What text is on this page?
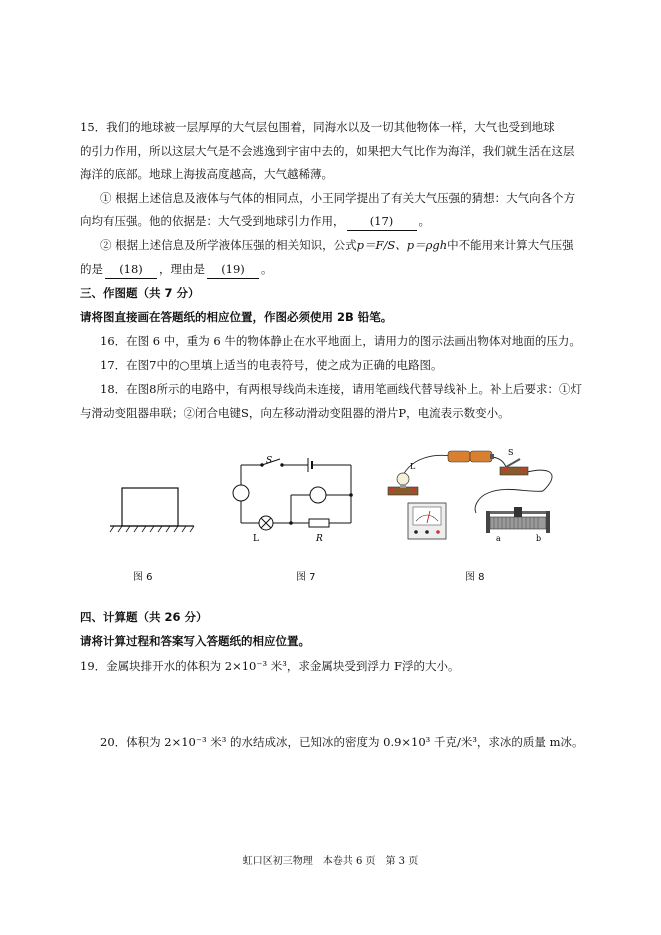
15．我们的地球被一层厚厚的大气层包围着，同海水以及一切其他物体一样，大气也受到地球
的引力作用，所以这层大气是不会逃逸到宇宙中去的，如果把大气比作为海洋，我们就生活在这层
海洋的底部。地球上海拔高度越高，大气越稀薄。
① 根据上述信息及液体与气体的相同点，小王同学提出了有关大气压强的猜想：大气向各个方
向均有压强。他的依据是：大气受到地球引力作用， (17) 。
② 根据上述信息及所学液体压强的相关知识，公式p＝F/S、p＝ρgh中不能用来计算大气压强
的是 (18) ，理由是 (19) 。
三、作图题（共 7 分）
请将图直接画在答题纸的相应位置，作图必须使用 2B 铅笔。
16．在图 6 中，重为 6 牛的物体静止在水平地面上，请用力的图示法画出物体对地面的压力。
17．在图7中的○里填上适当的电表符号，使之成为正确的电路图。
18．在图8所示的电路中，有两根导线尚未连接，请用笔画线代替导线补上。补上后要求：①灯
与滑动变阻器串联；②闭合电键S，向左移动滑动变阻器的滑片P，电流表示数变小。
图 6
S
L	R
图 7
L
S
a	b
图 8
四、计算题（共 26 分）
请将计算过程和答案写入答题纸的相应位置。
19．金属块排开水的体积为 2×10⁻³ 米³，求金属块受到浮力 F浮的大小。
20．体积为 2×10⁻³ 米³ 的水结成冰，已知冰的密度为 0.9×10³ 千克/米³，求冰的质量 m冰。
虹口区初三物理　本卷共 6 页　第 3 页
